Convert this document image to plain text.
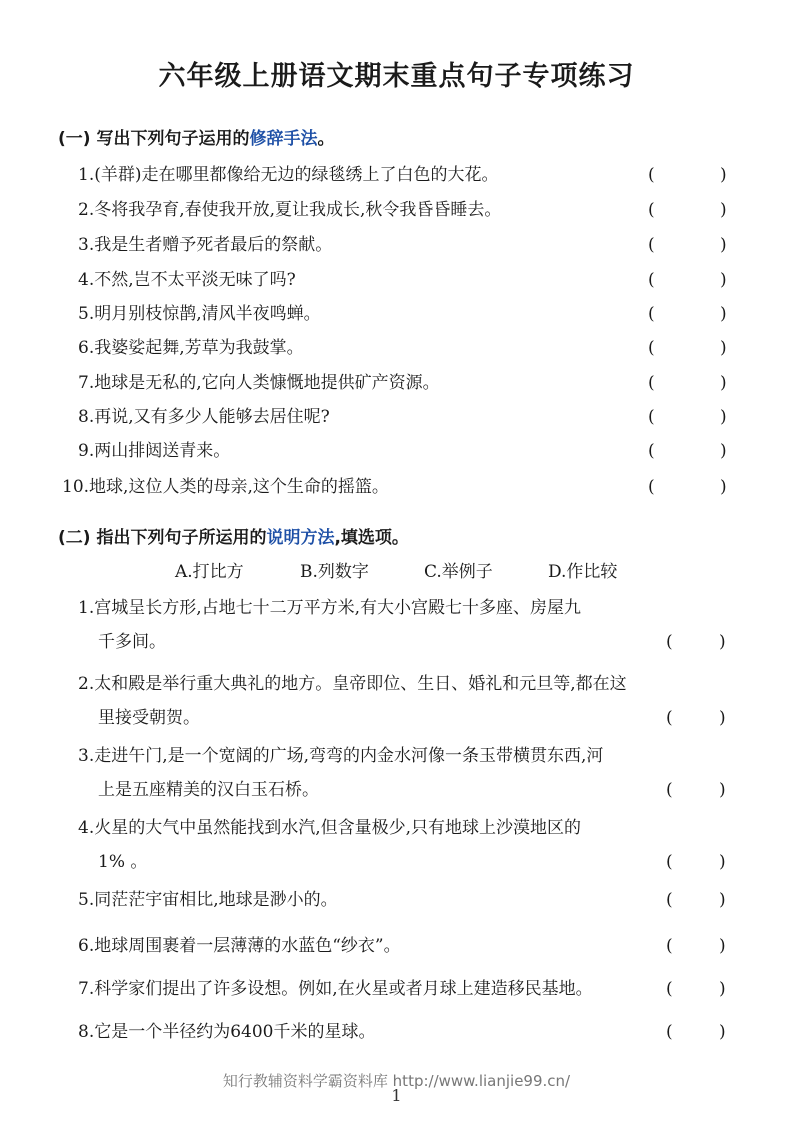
六年级上册语文期末重点句子专项练习
(一) 写出下列句子运用的修辞手法。
1.(羊群)走在哪里都像给无边的绿毯绣上了白色的大花。	(	)
2.冬将我孕育,春使我开放,夏让我成长,秋令我昏昏睡去。	(	)
3.我是生者赠予死者最后的祭献。	(	)
4.不然,岂不太平淡无味了吗?	(	)
5.明月别枝惊鹊,清风半夜鸣蝉。	(	)
6.我婆娑起舞,芳草为我鼓掌。	(	)
7.地球是无私的,它向人类慷慨地提供矿产资源。	(	)
8.再说,又有多少人能够去居住呢?	(	)
9.两山排闼送青来。	(	)
10.地球,这位人类的母亲,这个生命的摇篮。	(	)
(二) 指出下列句子所运用的说明方法,填选项。
A.打比方	B.列数字	C.举例子	D.作比较
1.宫城呈长方形,占地七十二万平方米,有大小宫殿七十多座、房屋九
千多间。	(	)
2.太和殿是举行重大典礼的地方。皇帝即位、生日、婚礼和元旦等,都在这
里接受朝贺。	(	)
3.走进午门,是一个宽阔的广场,弯弯的内金水河像一条玉带横贯东西,河
上是五座精美的汉白玉石桥。	(	)
4.火星的大气中虽然能找到水汽,但含量极少,只有地球上沙漠地区的
1% 。	(	)
5.同茫茫宇宙相比,地球是渺小的。	(	)
6.地球周围裹着一层薄薄的水蓝色“纱衣”。	(	)
7.科学家们提出了许多设想。例如,在火星或者月球上建造移民基地。	(	)
8.它是一个半径约为6400千米的星球。	(	)
知行教辅资料学霸资料库 http://www.lianjie99.cn/
1
